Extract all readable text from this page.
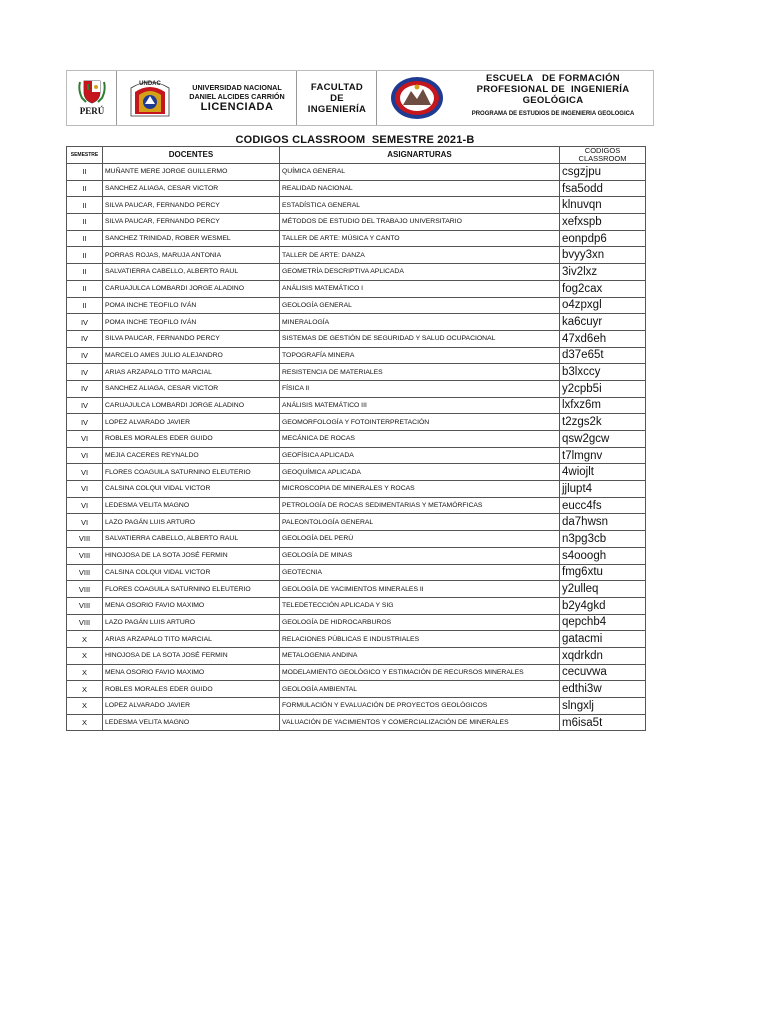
PERÚ
UNDAC	UNIVERSIDAD NACIONAL
DANIEL ALCIDES CARRIÓN
LICENCIADA
FACULTAD
DE
INGENIERÍA
ESCUELA   DE FORMACIÓN
PROFESIONAL DE  INGENIERÍA
GEOLÓGICA
PROGRAMA DE ESTUDIOS DE INGENIERIA GEOLOGICA
CODIGOS CLASSROOM  SEMESTRE 2021-B
SEMESTRE	DOCENTES	ASIGNARTURAS	CODIGOS CLASSROOM
II	MUÑANTE MERE JORGE GUILLERMO	QUÍMICA GENERAL	csgzjpu
II	SANCHEZ ALIAGA, CESAR VICTOR	REALIDAD NACIONAL	fsa5odd
II	SILVA PAUCAR, FERNANDO PERCY	ESTADÍSTICA GENERAL	klnuvqn
II	SILVA PAUCAR, FERNANDO PERCY	MÉTODOS DE ESTUDIO DEL TRABAJO UNIVERSITARIO	xefxspb
II	SANCHEZ TRINIDAD, ROBER WESMEL	TALLER DE ARTE: MÚSICA Y CANTO	eonpdp6
II	PORRAS ROJAS, MARUJA ANTONIA	TALLER DE ARTE: DANZA	bvyy3xn
II	SALVATIERRA CABELLO, ALBERTO RAUL	GEOMETRÍA DESCRIPTIVA APLICADA	3iv2lxz
II	CARUAJULCA LOMBARDI JORGE ALADINO	ANÁLISIS MATEMÁTICO I	fog2cax
II	POMA INCHE TEOFILO IVÁN	GEOLOGÍA GENERAL	o4zpxgl
IV	POMA INCHE TEOFILO IVÁN	MINERALOGÍA	ka6cuyr
IV	SILVA PAUCAR, FERNANDO PERCY	SISTEMAS DE GESTIÓN DE SEGURIDAD Y SALUD OCUPACIONAL	47xd6eh
IV	MARCELO AMES JULIO ALEJANDRO	TOPOGRAFÍA MINERA	d37e65t
IV	ARIAS ARZAPALO TITO MARCIAL	RESISTENCIA DE MATERIALES	b3lxccy
IV	SANCHEZ ALIAGA, CESAR VICTOR	FÍSICA II	y2cpb5i
IV	CARUAJULCA LOMBARDI JORGE ALADINO	ANÁLISIS MATEMÁTICO III	lxfxz6m
IV	LOPEZ ALVARADO JAVIER	GEOMORFOLOGÍA Y FOTOINTERPRETACIÓN	t2zgs2k
VI	ROBLES MORALES EDER GUIDO	MECÁNICA DE ROCAS	qsw2gcw
VI	MEJIA CACERES REYNALDO	GEOFÍSICA APLICADA	t7lmgnv
VI	FLORES COAGUILA SATURNINO ELEUTERIO	GEOQUÍMICA APLICADA	4wiojlt
VI	CALSINA COLQUI VIDAL VICTOR	MICROSCOPIA DE MINERALES Y ROCAS	jjlupt4
VI	LEDESMA VELITA MAGNO	PETROLOGÍA DE ROCAS SEDIMENTARIAS Y METAMÓRFICAS	eucc4fs
VI	LAZO PAGÁN LUIS ARTURO	PALEONTOLOGÍA GENERAL	da7hwsn
VIII	SALVATIERRA CABELLO, ALBERTO RAUL	GEOLOGÍA DEL PERÚ	n3pg3cb
VIII	HINOJOSA DE LA SOTA JOSÉ FERMIN	GEOLOGÍA DE MINAS	s4ooogh
VIII	CALSINA COLQUI VIDAL VICTOR	GEOTECNIA	fmg6xtu
VIII	FLORES COAGUILA SATURNINO ELEUTERIO	GEOLOGÍA DE YACIMIENTOS MINERALES II	y2ulleq
VIII	MENA OSORIO FAVIO MAXIMO	TELEDETECCIÓN APLICADA Y SIG	b2y4gkd
VIII	LAZO PAGÁN LUIS ARTURO	GEOLOGÍA DE HIDROCARBUROS	qepchb4
X	ARIAS ARZAPALO TITO MARCIAL	RELACIONES PÚBLICAS E INDUSTRIALES	gatacmi
X	HINOJOSA DE LA SOTA JOSÉ FERMIN	METALOGENIA ANDINA	xqdrkdn
X	MENA OSORIO FAVIO MAXIMO	MODELAMIENTO GEOLÓGICO Y ESTIMACIÓN DE RECURSOS MINERALES	cecuvwa
X	ROBLES MORALES EDER GUIDO	GEOLOGÍA AMBIENTAL	edthi3w
X	LOPEZ ALVARADO JAVIER	FORMULACIÓN Y EVALUACIÓN DE PROYECTOS GEOLÓGICOS	slngxlj
X	LEDESMA VELITA MAGNO	VALUACIÓN DE YACIMIENTOS Y COMERCIALIZACIÓN DE MINERALES	m6isa5t
